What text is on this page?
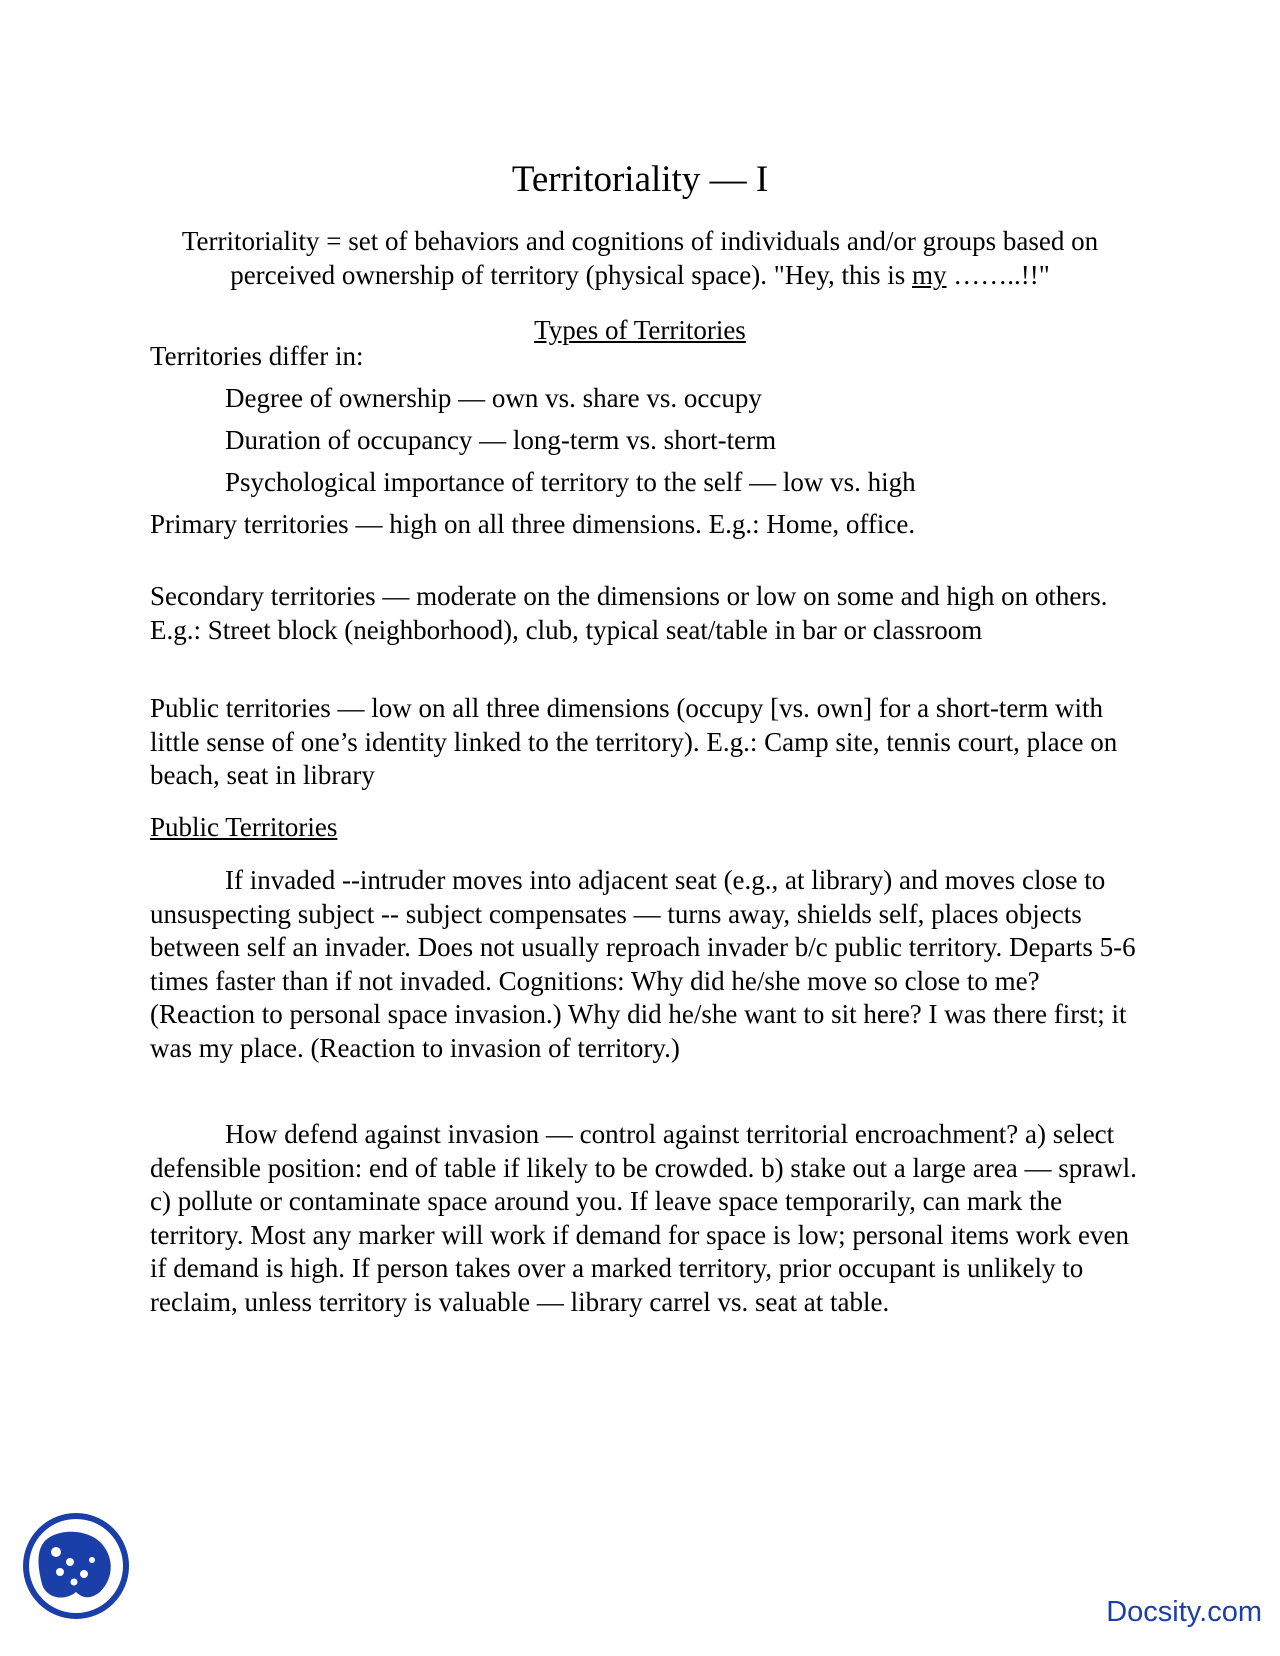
Territoriality — I
Territoriality = set of behaviors and cognitions of individuals and/or groups based on perceived ownership of territory (physical space). "Hey, this is my ……..!!"
Types of Territories
Territories differ in:
Degree of ownership — own vs. share vs. occupy
Duration of occupancy — long-term vs. short-term
Psychological importance of territory to the self — low vs. high
Primary territories — high on all three dimensions. E.g.: Home, office.
Secondary territories — moderate on the dimensions or low on some and high on others. E.g.: Street block (neighborhood), club, typical seat/table in bar or classroom
Public territories — low on all three dimensions (occupy [vs. own] for a short-term with little sense of one’s identity linked to the territory). E.g.: Camp site, tennis court, place on beach, seat in library
Public Territories
If invaded --intruder moves into adjacent seat (e.g., at library) and moves close to unsuspecting subject -- subject compensates — turns away, shields self, places objects between self an invader. Does not usually reproach invader b/c public territory. Departs 5-6 times faster than if not invaded. Cognitions: Why did he/she move so close to me? (Reaction to personal space invasion.) Why did he/she want to sit here? I was there first; it was my place. (Reaction to invasion of territory.)
How defend against invasion — control against territorial encroachment? a) select defensible position: end of table if likely to be crowded. b) stake out a large area — sprawl. c) pollute or contaminate space around you. If leave space temporarily, can mark the territory. Most any marker will work if demand for space is low; personal items work even if demand is high. If person takes over a marked territory, prior occupant is unlikely to reclaim, unless territory is valuable — library carrel vs. seat at table.
Docsity.com
